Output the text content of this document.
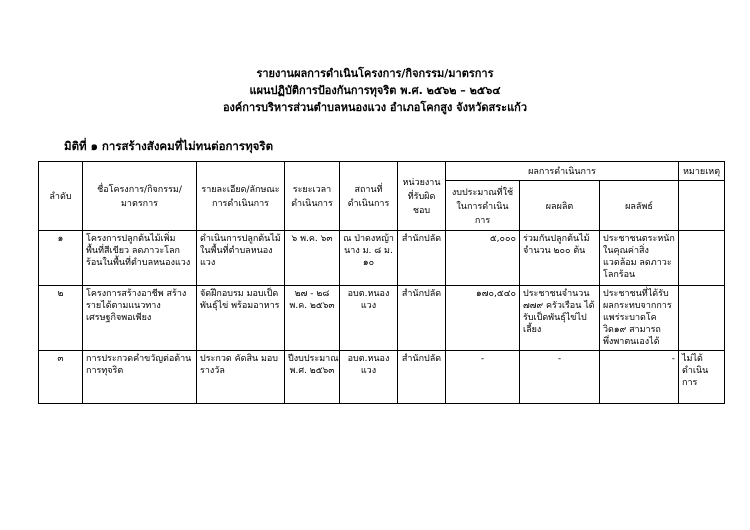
รายงานผลการดำเนินโครงการ/กิจกรรม/มาตรการ
แผนปฏิบัติการป้องกันการทุจริต พ.ศ. ๒๕๖๒ – ๒๕๖๔
องค์การบริหารส่วนตำบลหนองแวง อำเภอโคกสูง จังหวัดสระแก้ว
มิติที่ ๑ การสร้างสังคมที่ไม่ทนต่อการทุจริต
ลำดับ	ชื่อโครงการ/กิจกรรม/มาตรการ	รายละเอียด/ลักษณะการดำเนินการ	ระยะเวลาดำเนินการ	สถานที่ดำเนินการ	หน่วยงานที่รับผิดชอบ	ผลการดำเนินการ			หมายเหตุ
						งบประมาณที่ใช้ในการดำเนินการ	ผลผลิต	ผลลัพธ์	
๑	โครงการปลูกต้นไม้เพิ่มพื้นที่สีเขียว ลดภาวะโลกร้อนในพื้นที่ตำบลหนองแวง	ดำเนินการปลูกต้นไม้ในพื้นที่ตำบลหนองแวง	๖ พ.ค. ๖๓	ณ ป่าดงหญ้านาง ม. ๘ ม. ๑๐	สำนักปลัด	๕,๐๐๐	ร่วมกันปลูกต้นไม้จำนวน ๒๐๐ ต้น	ประชาชนตระหนักในคุณค่าสิ่งแวดล้อม ลดภาวะโลกร้อน	
๒	โครงการสร้างอาชีพ สร้างรายได้ตามแนวทางเศรษฐกิจพอเพียง	จัดฝึกอบรม มอบเป็ดพันธุ์ไข่ พร้อมอาหาร	๒๗ - ๒๘ พ.ค. ๒๕๖๓	อบต.หนองแวง	สำนักปลัด	๑๗๐,๕๔๐	ประชาชนจำนวน ๗๗๙ ครัวเรือน ได้รับเป็ดพันธุ์ไข่ไปเลี้ยง	ประชาชนที่ได้รับผลกระทบจากการแพร่ระบาดโควิด๑๙ สามารถพึ่งพาตนเองได้	
๓	การประกวดคำขวัญต่อต้านการทุจริต	ประกวด คัดสิน มอบรางวัล	ปีงบประมาณ พ.ศ. ๒๕๖๓	อบต.หนองแวง	สำนักปลัด	-	-	-	ไม่ได้ดำเนินการ
